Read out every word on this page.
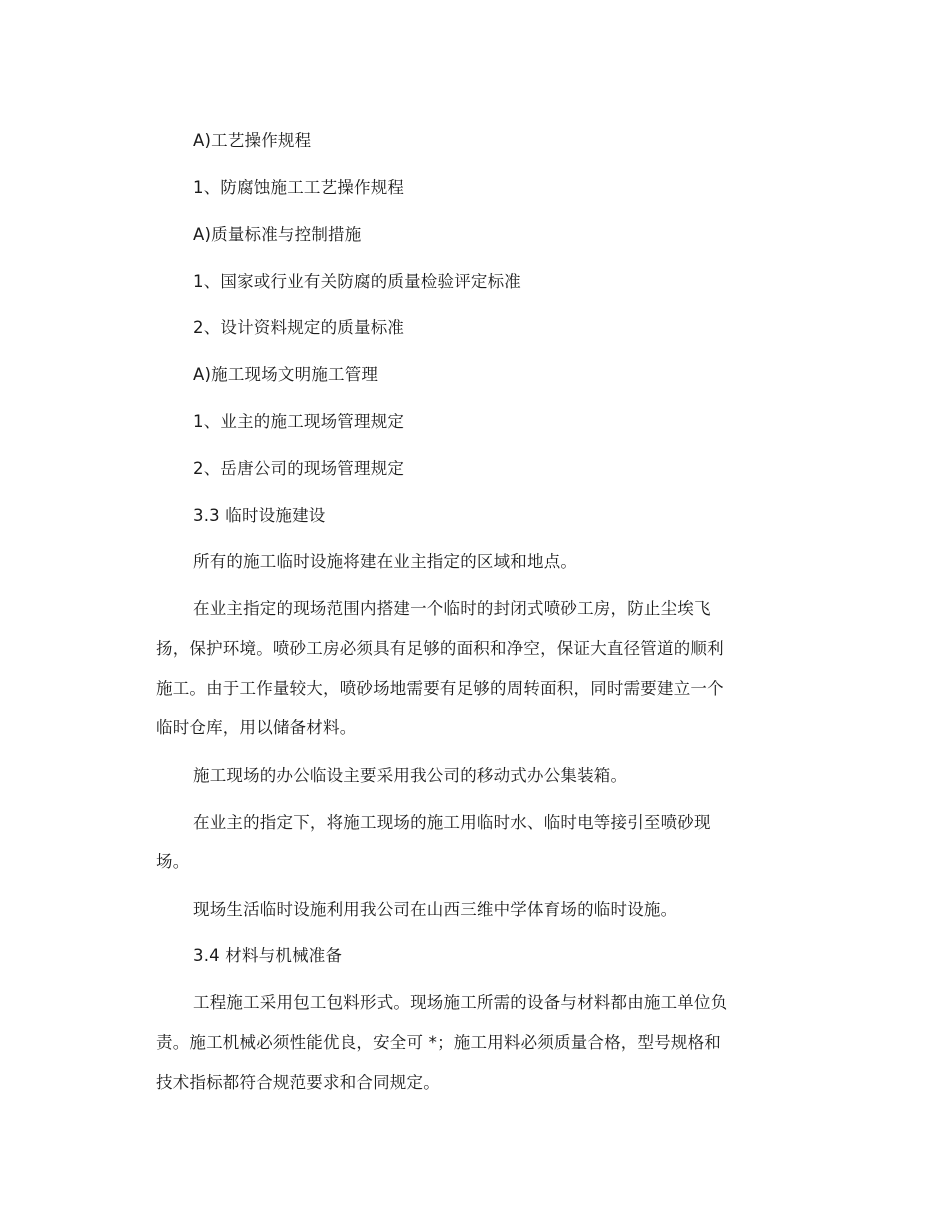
A)工艺操作规程
1、防腐蚀施工工艺操作规程
A)质量标准与控制措施
1、国家或行业有关防腐的质量检验评定标准
2、设计资料规定的质量标准
A)施工现场文明施工管理
1、业主的施工现场管理规定
2、岳唐公司的现场管理规定
3.3 临时设施建设
所有的施工临时设施将建在业主指定的区域和地点。
在业主指定的现场范围内搭建一个临时的封闭式喷砂工房，防止尘埃飞
扬，保护环境。喷砂工房必须具有足够的面积和净空，保证大直径管道的顺利
施工。由于工作量较大，喷砂场地需要有足够的周转面积，同时需要建立一个
临时仓库，用以储备材料。
施工现场的办公临设主要采用我公司的移动式办公集装箱。
在业主的指定下，将施工现场的施工用临时水、临时电等接引至喷砂现
场。
现场生活临时设施利用我公司在山西三维中学体育场的临时设施。
3.4 材料与机械准备
工程施工采用包工包料形式。现场施工所需的设备与材料都由施工单位负
责。施工机械必须性能优良，安全可 *；施工用料必须质量合格，型号规格和
技术指标都符合规范要求和合同规定。
